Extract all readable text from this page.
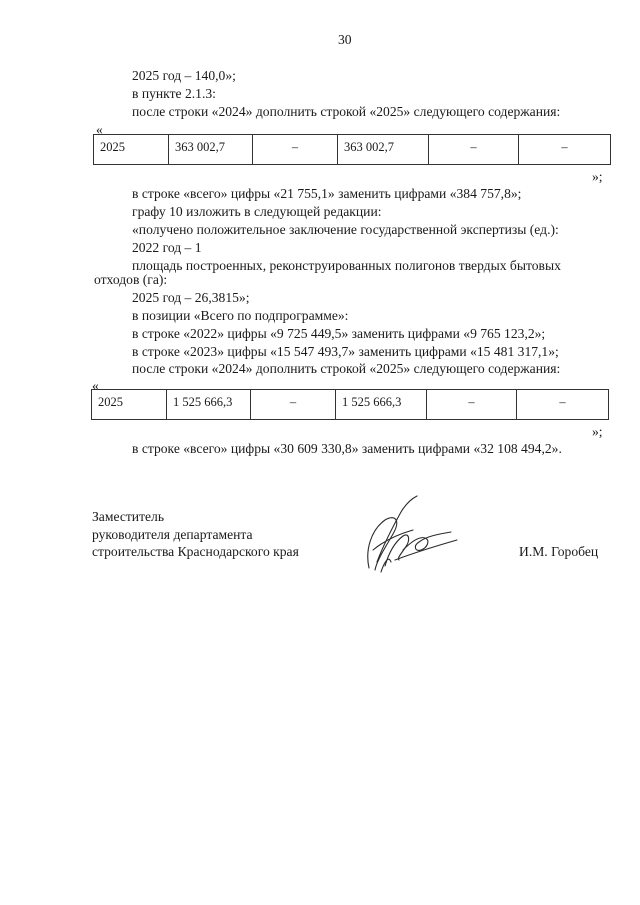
30
2025 год – 140,0»;
в пункте 2.1.3:
после строки «2024» дополнить строкой «2025» следующего содержания:
«
2025	363 002,7	–	363 002,7	–	–
»;
в строке «всего» цифры «21 755,1» заменить цифрами «384 757,8»;
графу 10 изложить в следующей редакции:
«получено положительное заключение государственной экспертизы (ед.):
2022 год – 1
площадь построенных, реконструированных полигонов твердых бытовых
отходов (га):
2025 год – 26,3815»;
в позиции «Всего по подпрограмме»:
в строке «2022» цифры «9 725 449,5» заменить цифрами «9 765 123,2»;
в строке «2023» цифры «15 547 493,7» заменить цифрами «15 481 317,1»;
после строки «2024» дополнить строкой «2025» следующего содержания:
«
2025	1 525 666,3	–	1 525 666,3	–	–
»;
в строке «всего» цифры «30 609 330,8» заменить цифрами «32 108 494,2».
Заместитель
руководителя департамента
строительства Краснодарского края	И.М. Горобец
